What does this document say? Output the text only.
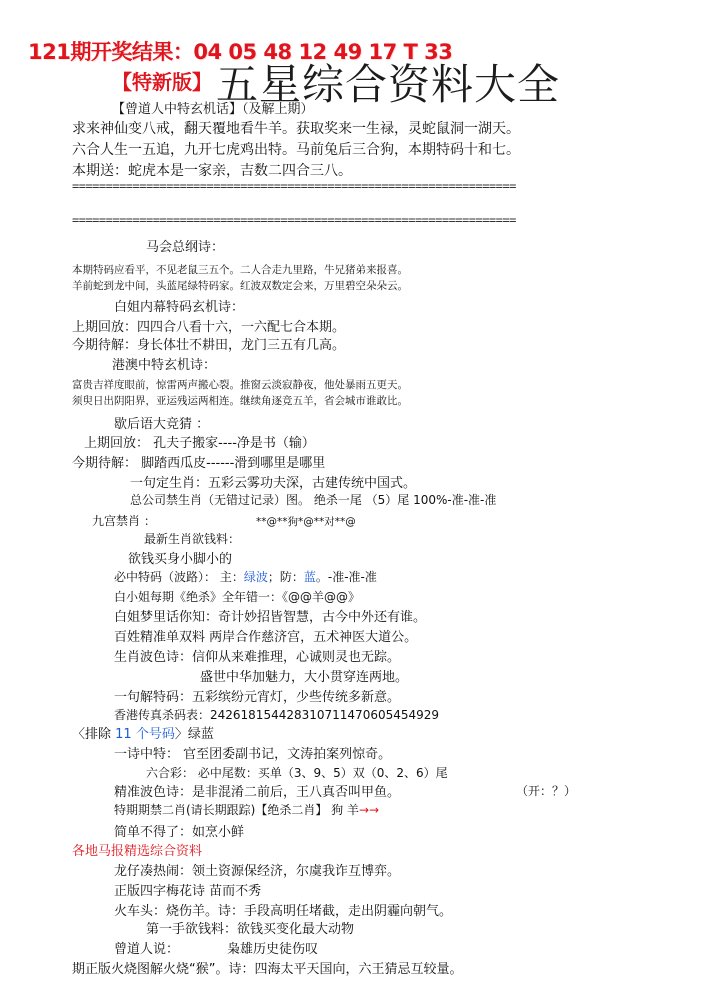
121期开奖结果：04 05 48 12 49 17 T 33
【特新版】 五星综合资料大全
【曾道人中特玄机话】（及解上期）
求来神仙变八戒，翻天覆地看牛羊。获取奖来一生禄，灵蛇鼠洞一湖天。
六合人生一五追，九开七虎鸡出特。马前兔后三合狗，本期特码十和七。
本期送：蛇虎本是一家亲，吉数二四合三八。
==================================================================
==================================================================
马会总纲诗：
本期特码应看平，不见老鼠三五个。二人合走九里路，牛兄猪弟来报喜。
羊前蛇到龙中间，头蓝尾绿特码家。红波双数定会来，万里碧空朵朵云。
白姐内幕特码玄机诗：
上期回放：四四合八看十六，一六配七合本期。
今期待解：身长体壮不耕田，龙门三五有几高。
港澳中特玄机诗：
富贵吉祥度眼前，惊雷两声搬心裂。推窗云淡寂静夜，他处暴雨五更天。
须臾日出阴阳界，亚运残运两相连。继续角逐竞五羊，省会城市谁敢比。
歇后语大竞猜 ：
上期回放： 孔夫子搬家----净是书（输）
今期待解： 脚踏西瓜皮------滑到哪里是哪里
一句定生肖：五彩云雾功夫深，古建传统中国式。
总公司禁生肖（无错过记录）图。 绝杀一尾 （5）尾 100%-准-准-准
九宫禁肖 ：	**@**狗*@**对**@
最新生肖欲钱料：
欲钱买身小脚小的
必中特码（波路）： 主：绿波；防：蓝。-准-准-准
白小姐每期《绝杀》全年错一：《@@羊@@》
白姐梦里话你知：奇计妙招皆智慧，古今中外还有谁。
百姓精准单双料 两岸合作慈济宫，五术神医大道公。
生肖波色诗：信仰从来难推理，心诚则灵也无踪。
盛世中华加魅力，大小贯穿连两地。
一句解特码：五彩缤纷元宵灯，少些传统多新意。
香港传真杀码表：24261815442831071147060545492​9
〈排除 11 个号码〉绿蓝
一诗中特： 官至团委副书记，文涛拍案列惊奇。
六合彩： 必中尾数：买单（3、9、5）双（0、2、6）尾
精准波色诗：是非混淆二前后，王八真否叫甲鱼。	（开：？）
特期期禁二肖(请长期跟踪)【绝杀二肖】 狗 羊→→
简单不得了：如烹小鲜
各地马报精选综合资料
龙仔凑热闹：领土资源保经济，尔虞我诈互博弈。
正版四字梅花诗 苗而不秀
火车头：烧伤羊。诗：手段高明任堵截，走出阴霾向朝气。
第一手欲钱料：欲钱买变化最大动物
曾道人说：	枭雄历史徒伤叹
期正版火烧图解火烧“猴”。诗：四海太平天国向，六王猜忌互较量。
